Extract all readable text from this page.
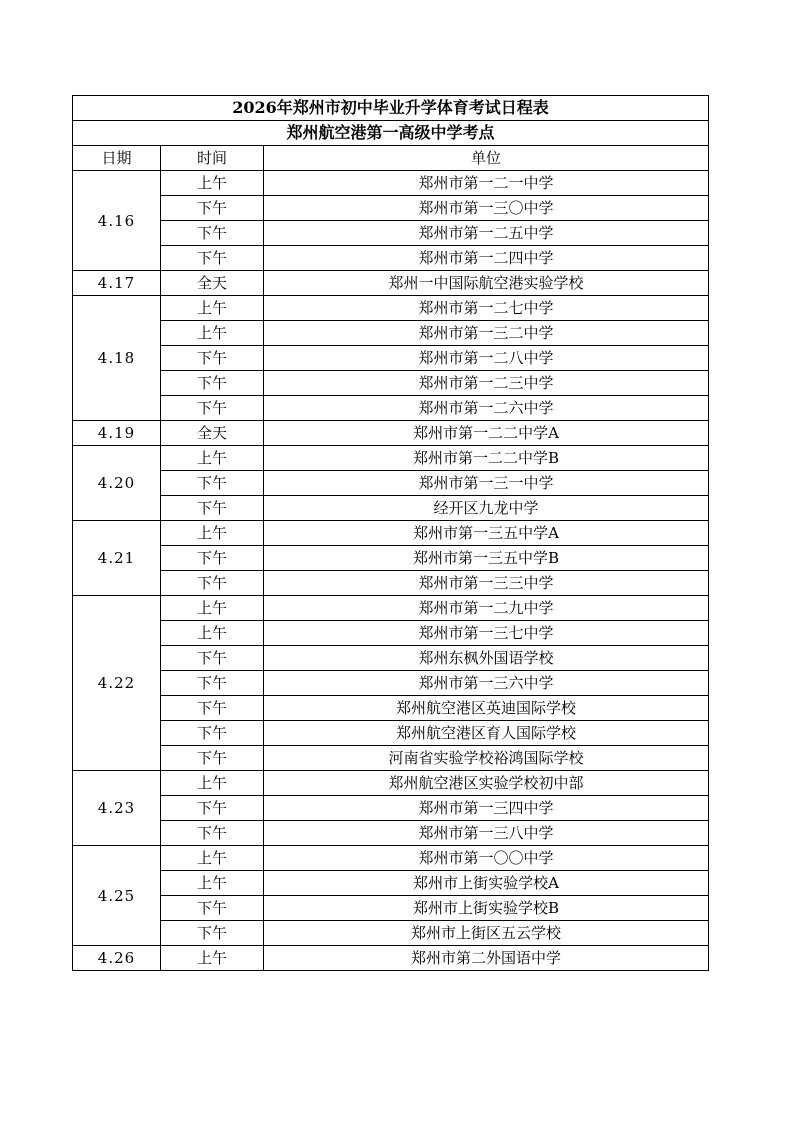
2026年郑州市初中毕业升学体育考试日程表		
郑州航空港第一高级中学考点		
日期	时间	单位
4.16	上午	郑州市第一二一中学
	下午	郑州市第一三〇中学
	下午	郑州市第一二五中学
	下午	郑州市第一二四中学
4.17	全天	郑州一中国际航空港实验学校
4.18	上午	郑州市第一二七中学
	上午	郑州市第一三二中学
	下午	郑州市第一二八中学
	下午	郑州市第一二三中学
	下午	郑州市第一二六中学
4.19	全天	郑州市第一二二中学A
4.20	上午	郑州市第一二二中学B
	下午	郑州市第一三一中学
	下午	经开区九龙中学
4.21	上午	郑州市第一三五中学A
	下午	郑州市第一三五中学B
	下午	郑州市第一三三中学
4.22	上午	郑州市第一二九中学
	上午	郑州市第一三七中学
	下午	郑州东枫外国语学校
	下午	郑州市第一三六中学
	下午	郑州航空港区英迪国际学校
	下午	郑州航空港区育人国际学校
	下午	河南省实验学校裕鸿国际学校
4.23	上午	郑州航空港区实验学校初中部
	下午	郑州市第一三四中学
	下午	郑州市第一三八中学
4.25	上午	郑州市第一〇〇中学
	上午	郑州市上街实验学校A
	下午	郑州市上街实验学校B
	下午	郑州市上街区五云学校
4.26	上午	郑州市第二外国语中学
